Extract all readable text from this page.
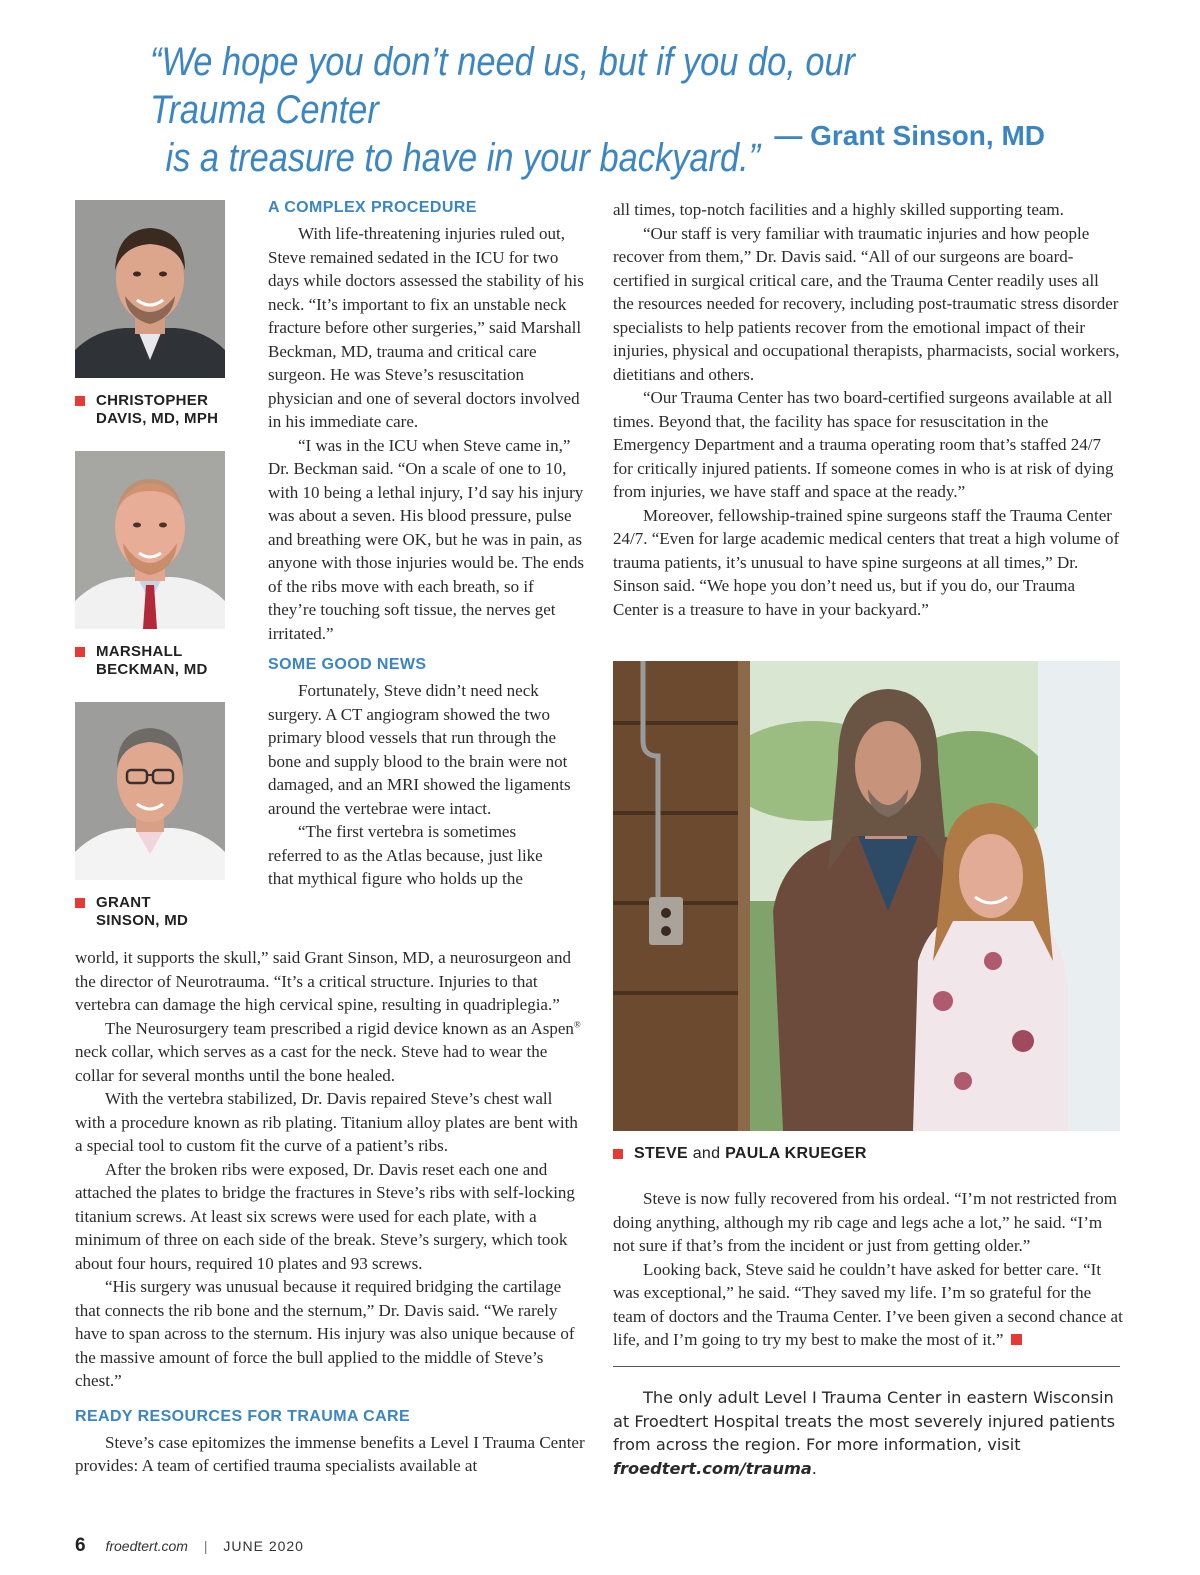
“We hope you don’t need us, but if you do, our Trauma Center
is a treasure to have in your backyard.”
— Grant Sinson, MD
CHRISTOPHER
DAVIS, MD, MPH
MARSHALL
BECKMAN, MD
GRANT
SINSON, MD
A COMPLEX PROCEDURE

With life-threatening injuries ruled out, Steve remained sedated in the ICU for two days while doctors assessed the stability of his neck. “It’s important to fix an unstable neck fracture before other surgeries,” said Marshall Beckman, MD, trauma and critical care surgeon. He was Steve’s resuscitation physician and one of several doctors involved in his immediate care.

“I was in the ICU when Steve came in,” Dr. Beckman said. “On a scale of one to 10, with 10 being a lethal injury, I’d say his injury was about a seven. His blood pressure, pulse and breathing were OK, but he was in pain, as anyone with those injuries would be. The ends of the ribs move with each breath, so if they’re touching soft tissue, the nerves get irritated.”

SOME GOOD NEWS

Fortunately, Steve didn’t need neck surgery. A CT angiogram showed the two primary blood vessels that run through the bone and supply blood to the brain were not damaged, and an MRI showed the ligaments around the vertebrae were intact.

“The first vertebra is sometimes

referred to as the Atlas because, just like

that mythical figure who holds up the

world, it supports the skull,” said Grant Sinson, MD, a neurosurgeon and the director of Neurotrauma. “It’s a critical structure. Injuries to that vertebra can damage the high cervical spine, resulting in quadriplegia.”

The Neurosurgery team prescribed a rigid device known as an Aspen® neck collar, which serves as a cast for the neck. Steve had to wear the collar for several months until the bone healed.

With the vertebra stabilized, Dr. Davis repaired Steve’s chest wall with a procedure known as rib plating. Titanium alloy plates are bent with a special tool to custom fit the curve of a patient’s ribs.

After the broken ribs were exposed, Dr. Davis reset each one and attached the plates to bridge the fractures in Steve’s ribs with self-locking titanium screws. At least six screws were used for each plate, with a minimum of three on each side of the break. Steve’s surgery, which took about four hours, required 10 plates and 93 screws.

“His surgery was unusual because it required bridging the cartilage that connects the rib bone and the sternum,” Dr. Davis said. “We rarely have to span across to the sternum. His injury was also unique because of the massive amount of force the bull applied to the middle of Steve’s chest.”

READY RESOURCES FOR TRAUMA CARE

Steve’s case epitomizes the immense benefits a Level I Trauma Center provides: A team of certified trauma specialists available at

all times, top-notch facilities and a highly skilled supporting team.

“Our staff is very familiar with traumatic injuries and how people recover from them,” Dr. Davis said. “All of our surgeons are board-certified in surgical critical care, and the Trauma Center readily uses all the resources needed for recovery, including post-traumatic stress disorder specialists to help patients recover from the emotional impact of their injuries, physical and occupational therapists, pharmacists, social workers, dietitians and others.

“Our Trauma Center has two board-certified surgeons available at all times. Beyond that, the facility has space for resuscitation in the Emergency Department and a trauma operating room that’s staffed 24/7 for critically injured patients. If someone comes in who is at risk of dying from injuries, we have staff and space at the ready.”

Moreover, fellowship-trained spine surgeons staff the Trauma Center 24/7. “Even for large academic medical centers that treat a high volume of trauma patients, it’s unusual to have spine surgeons at all times,” Dr. Sinson said. “We hope you don’t need us, but if you do, our Trauma Center is a treasure to have in your backyard.”

STEVE and PAULA KRUEGER

Steve is now fully recovered from his ordeal. “I’m not restricted from doing anything, although my rib cage and legs ache a lot,” he said. “I’m not sure if that’s from the incident or just from getting older.”

Looking back, Steve said he couldn’t have asked for better care. “It was exceptional,” he said. “They saved my life. I’m so grateful for the team of doctors and the Trauma Center. I’ve been given a second chance at life, and I’m going to try my best to make the most of it.”

The only adult Level I Trauma Center in eastern Wisconsin at Froedtert Hospital treats the most severely injured patients from across the region. For more information, visit froedtert.com/trauma.

6 froedtert.com | JUNE 2020
